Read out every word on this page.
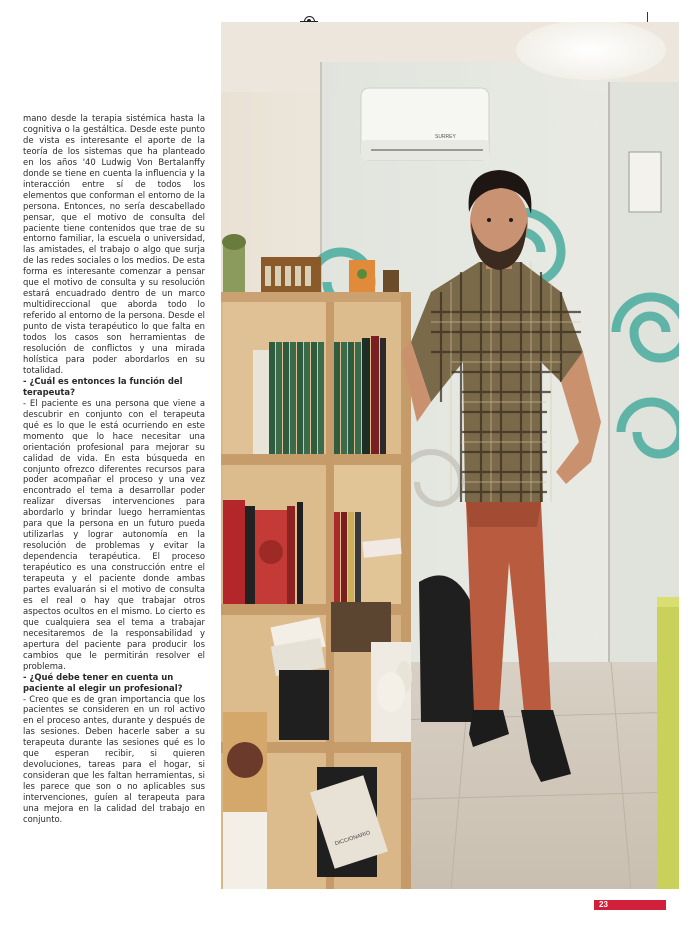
mano desde la terapia sistémica hasta la cognitiva o la gestáltica. Desde este punto de vista es interesante el aporte de la teoría de los sistemas que ha planteado en los años '40 Ludwig Von Bertalanffy donde se tiene en cuenta la influencia y la interacción entre sí de todos los elementos que conforman el entorno de la persona. Entonces, no sería descabellado pensar, que el motivo de consulta del paciente tiene contenidos que trae de su entorno familiar, la escuela o universidad, las amistades, el trabajo o algo que surja de las redes sociales o los medios. De esta forma es interesante comenzar a pensar que el motivo de consulta y su resolución estará encuadrado dentro de un marco multidireccional que aborda todo lo referido al entorno de la persona. Desde el punto de vista terapéutico lo que falta en todos los casos son herramientas de resolución de conflictos y una mirada holística para poder abordarlos en su totalidad.

- ¿Cuál es entonces la función del terapeuta?

- El paciente es una persona que viene a descubrir en conjunto con el terapeuta qué es lo que le está ocurriendo en este momento que lo hace necesitar una orientación profesional para mejorar su calidad de vida. En esta búsqueda en conjunto ofrezco diferentes recursos para poder acompañar el proceso y una vez encontrado el tema a desarrollar poder realizar diversas intervenciones para abordarlo y brindar luego herramientas para que la persona en un futuro pueda utilizarlas y lograr autonomía en la resolución de problemas y evitar la dependencia terapéutica. El proceso terapéutico es una construcción entre el terapeuta y el paciente donde ambas partes evaluarán si el motivo de consulta es el real o hay que trabajar otros aspectos ocultos en el mismo. Lo cierto es que cualquiera sea el tema a trabajar necesitaremos de la responsabilidad y apertura del paciente para producir los cambios que le permitirán resolver el problema.

- ¿Qué debe tener en cuenta un paciente al elegir un profesional?

- Creo que es de gran importancia que los pacientes se consideren en un rol activo en el proceso antes, durante y después de las sesiones. Deben hacerle saber a su terapeuta durante las sesiones qué es lo que esperan recibir, si quieren devoluciones, tareas para el hogar, si consideran que les faltan herramientas, si les parece que son o no aplicables sus intervenciones, guíen al terapeuta para una mejora en la calidad del trabajo en conjunto.

SURREY
DICCIONARIO
23
